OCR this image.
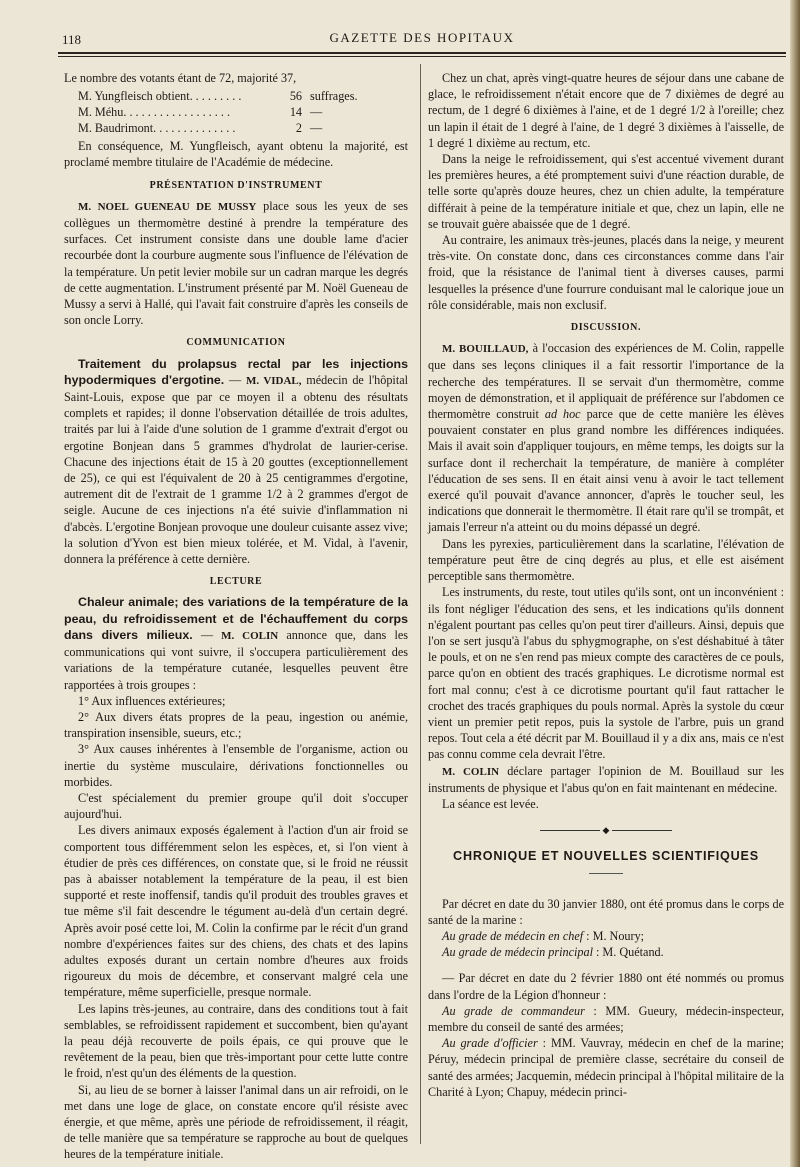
118	GAZETTE DES HOPITAUX

Le nombre des votants étant de 72, majorité 37,

M. Yungfleisch obtient. . . . . . . . .	56 suffrages.
M. Méhu. . . . . . . . . . . . . . . . . .	14 —
M. Baudrimont. . . . . . . . . . . . . .	2 —

En conséquence, M. Yungfleisch, ayant obtenu la majorité, est proclamé membre titulaire de l'Académie de médecine.

PRÉSENTATION D'INSTRUMENT

M. NOEL GUENEAU DE MUSSY place sous les yeux de ses collègues un thermomètre destiné à prendre la température des surfaces. Cet instrument consiste dans une double lame d'acier recourbée dont la courbure augmente sous l'influence de l'élévation de la température. Un petit levier mobile sur un cadran marque les degrés de cette augmentation. L'instrument présenté par M. Noël Gueneau de Mussy a servi à Hallé, qui l'avait fait construire d'après les conseils de son oncle Lorry.

COMMUNICATION

Traitement du prolapsus rectal par les injections hypodermiques d'ergotine. — M. VIDAL, médecin de l'hôpital Saint-Louis, expose que par ce moyen il a obtenu des résultats complets et rapides; il donne l'observation détaillée de trois adultes, traités par lui à l'aide d'une solution de 1 gramme d'extrait d'ergot ou ergotine Bonjean dans 5 grammes d'hydrolat de laurier-cerise. Chacune des injections était de 15 à 20 gouttes (exceptionnellement de 25), ce qui est l'équivalent de 20 à 25 centigrammes d'ergotine, autrement dit de l'extrait de 1 gramme 1/2 à 2 grammes d'ergot de seigle. Aucune de ces injections n'a été suivie d'inflammation ni d'abcès. L'ergotine Bonjean provoque une douleur cuisante assez vive; la solution d'Yvon est bien mieux tolérée, et M. Vidal, à l'avenir, donnera la préférence à cette dernière.

LECTURE

Chaleur animale; des variations de la température de la peau, du refroidissement et de l'échauffement du corps dans divers milieux. — M. COLIN annonce que, dans les communications qui vont suivre, il s'occupera particulièrement des variations de la température cutanée, lesquelles peuvent être rapportées à trois groupes :

1° Aux influences extérieures;

2° Aux divers états propres de la peau, ingestion ou anémie, transpiration insensible, sueurs, etc.;

3° Aux causes inhérentes à l'ensemble de l'organisme, action ou inertie du système musculaire, dérivations fonctionnelles ou morbides.

C'est spécialement du premier groupe qu'il doit s'occuper aujourd'hui.

Les divers animaux exposés également à l'action d'un air froid se comportent tous différemment selon les espèces, et, si l'on vient à étudier de près ces différences, on constate que, si le froid ne réussit pas à abaisser notablement la température de la peau, il est bien supporté et reste inoffensif, tandis qu'il produit des troubles graves et tue même s'il fait descendre le tégument au-delà d'un certain degré. Après avoir posé cette loi, M. Colin la confirme par le récit d'un grand nombre d'expériences faites sur des chiens, des chats et des lapins adultes exposés durant un certain nombre d'heures aux froids rigoureux du mois de décembre, et conservant malgré cela une température, même superficielle, presque normale.

Les lapins très-jeunes, au contraire, dans des conditions tout à fait semblables, se refroidissent rapidement et succombent, bien qu'ayant la peau déjà recouverte de poils épais, ce qui prouve que le revêtement de la peau, bien que très-important pour cette lutte contre le froid, n'est qu'un des éléments de la question.

Si, au lieu de se borner à laisser l'animal dans un air refroidi, on le met dans une loge de glace, on constate encore qu'il résiste avec énergie, et que même, après une période de refroidissement, il réagit, de telle manière que sa température se rapproche au bout de quelques heures de la température initiale.

Chez un chat, après vingt-quatre heures de séjour dans une cabane de glace, le refroidissement n'était encore que de 7 dixièmes de degré au rectum, de 1 degré 6 dixièmes à l'aine, et de 1 degré 1/2 à l'oreille; chez un lapin il était de 1 degré à l'aine, de 1 degré 3 dixièmes à l'aisselle, de 1 degré 1 dixième au rectum, etc.

Dans la neige le refroidissement, qui s'est accentué vivement durant les premières heures, a été promptement suivi d'une réaction durable, de telle sorte qu'après douze heures, chez un chien adulte, la température différait à peine de la température initiale et que, chez un lapin, elle ne se trouvait guère abaissée que de 1 degré.

Au contraire, les animaux très-jeunes, placés dans la neige, y meurent très-vite. On constate donc, dans ces circonstances comme dans l'air froid, que la résistance de l'animal tient à diverses causes, parmi lesquelles la présence d'une fourrure conduisant mal le calorique joue un rôle considérable, mais non exclusif.

DISCUSSION.

M. BOUILLAUD, à l'occasion des expériences de M. Colin, rappelle que dans ses leçons cliniques il a fait ressortir l'importance de la recherche des températures. Il se servait d'un thermomètre, comme moyen de démonstration, et il appliquait de préférence sur l'abdomen ce thermomètre construit ad hoc parce que de cette manière les élèves pouvaient constater en plus grand nombre les différences indiquées. Mais il avait soin d'appliquer toujours, en même temps, les doigts sur la surface dont il recherchait la température, de manière à compléter l'éducation de ses sens. Il en était ainsi venu à avoir le tact tellement exercé qu'il pouvait d'avance annoncer, d'après le toucher seul, les indications que donnerait le thermomètre. Il était rare qu'il se trompât, et jamais l'erreur n'a atteint ou du moins dépassé un degré.

Dans les pyrexies, particulièrement dans la scarlatine, l'élévation de température peut être de cinq degrés au plus, et elle est aisément perceptible sans thermomètre.

Les instruments, du reste, tout utiles qu'ils sont, ont un inconvénient : ils font négliger l'éducation des sens, et les indications qu'ils donnent n'égalent pourtant pas celles qu'on peut tirer d'ailleurs. Ainsi, depuis que l'on se sert jusqu'à l'abus du sphygmographe, on s'est déshabitué à tâter le pouls, et on ne s'en rend pas mieux compte des caractères de ce pouls, parce qu'on en obtient des tracés graphiques. Le dicrotisme normal est fort mal connu; c'est à ce dicrotisme pourtant qu'il faut rattacher le crochet des tracés graphiques du pouls normal. Après la systole du cœur vient un premier petit repos, puis la systole de l'arbre, puis un grand repos. Tout cela a été décrit par M. Bouillaud il y a dix ans, mais ce n'est pas connu comme cela devrait l'être.

M. COLIN déclare partager l'opinion de M. Bouillaud sur les instruments de physique et l'abus qu'on en fait maintenant en médecine.

La séance est levée.

◆
CHRONIQUE ET NOUVELLES SCIENTIFIQUES

Par décret en date du 30 janvier 1880, ont été promus dans le corps de santé de la marine :

Au grade de médecin en chef : M. Noury;

Au grade de médecin principal : M. Quétand.

— Par décret en date du 2 février 1880 ont été nommés ou promus dans l'ordre de la Légion d'honneur :

Au grade de commandeur : MM. Gueury, médecin-inspecteur, membre du conseil de santé des armées;

Au grade d'officier : MM. Vauvray, médecin en chef de la marine; Péruy, médecin principal de première classe, secrétaire du conseil de santé des armées; Jacquemin, médecin principal à l'hôpital militaire de la Charité à Lyon; Chapuy, médecin princi-
